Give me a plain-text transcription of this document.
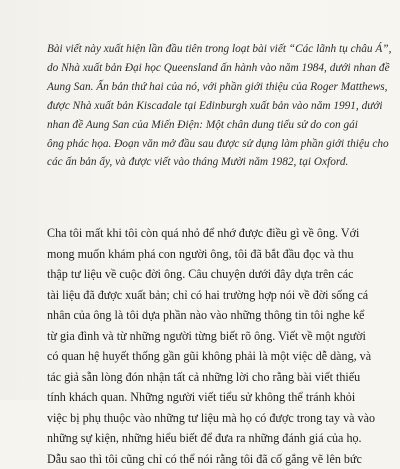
Bài viết này xuất hiện lần đầu tiên trong loạt bài viết “Các lãnh tụ châu Á”,
do Nhà xuất bản Đại học Queensland ấn hành vào năm 1984, dưới nhan đề
Aung San. Ấn bản thứ hai của nó, với phần giới thiệu của Roger Matthews,
được Nhà xuất bản Kiscadale tại Edinburgh xuất bản vào năm 1991, dưới
nhan đề Aung San của Miến Điện: Một chân dung tiểu sử do con gái
ông phác họa. Đoạn văn mở đầu sau được sử dụng làm phần giới thiệu cho
các ấn bản ấy, và được viết vào tháng Mười năm 1982, tại Oxford.
Cha tôi mất khi tôi còn quá nhỏ để nhớ được điều gì về ông. Với
mong muốn khám phá con người ông, tôi đã bắt đầu đọc và thu
thập tư liệu về cuộc đời ông. Câu chuyện dưới đây dựa trên các
tài liệu đã được xuất bản; chỉ có hai trường hợp nói về đời sống cá
nhân của ông là tôi dựa phần nào vào những thông tin tôi nghe kể
từ gia đình và từ những người từng biết rõ ông. Viết về một người
có quan hệ huyết thống gần gũi không phải là một việc dễ dàng, và
tác giả sẵn lòng đón nhận tất cả những lời cho rằng bài viết thiếu
tính khách quan. Những người viết tiểu sử không thể tránh khỏi
việc bị phụ thuộc vào những tư liệu mà họ có được trong tay và vào
những sự kiện, những hiểu biết để đưa ra những đánh giá của họ.
Dẫu sao thì tôi cũng chỉ có thể nói rằng tôi đã cố gắng vẽ lên bức
